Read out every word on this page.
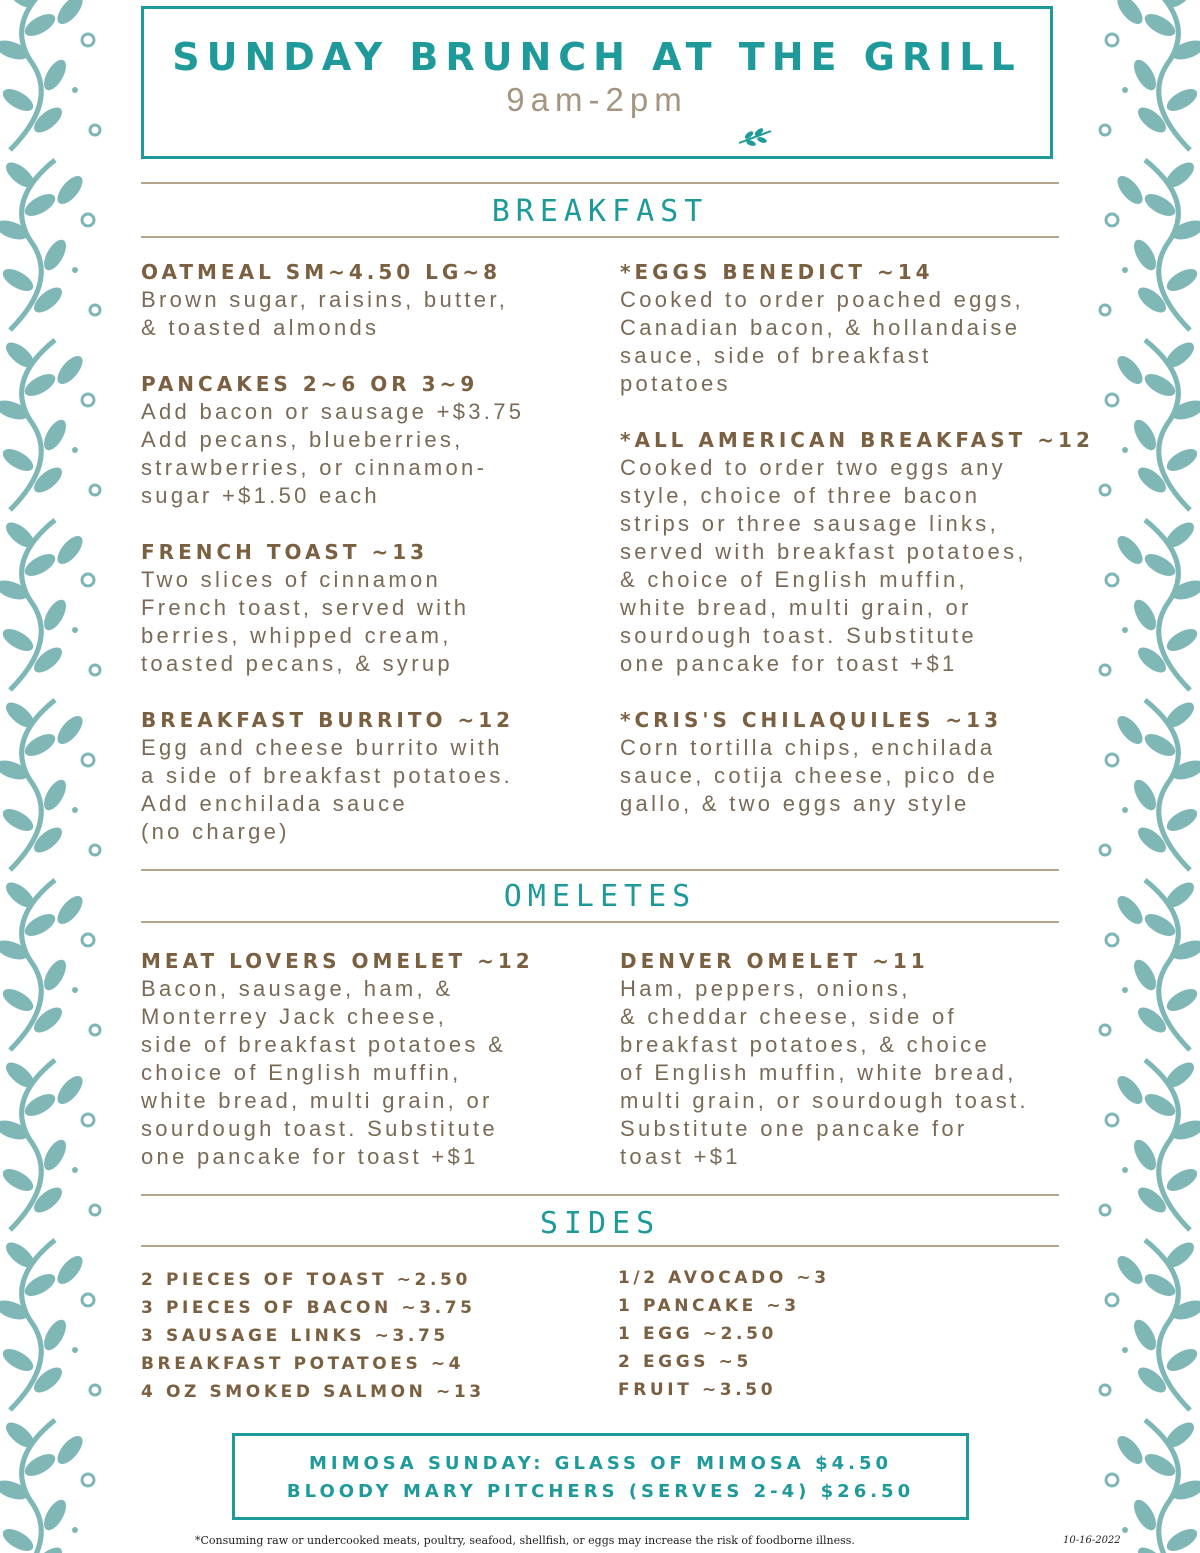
SUNDAY BRUNCH AT THE GRILL
9am-2pm
BREAKFAST
OATMEAL SM~4.50 LG~8
Brown sugar, raisins, butter,
& toasted almonds
PANCAKES 2~6 OR 3~9
Add bacon or sausage +$3.75
Add pecans, blueberries,
strawberries, or cinnamon-
sugar +$1.50 each
FRENCH TOAST ~13
Two slices of cinnamon
French toast, served with
berries, whipped cream,
toasted pecans, & syrup
BREAKFAST BURRITO ~12
Egg and cheese burrito with
a side of breakfast potatoes.
Add enchilada sauce
(no charge)
*EGGS BENEDICT ~14
Cooked to order poached eggs,
Canadian bacon, & hollandaise
sauce, side of breakfast
potatoes
*ALL AMERICAN BREAKFAST ~12
Cooked to order two eggs any
style, choice of three bacon
strips or three sausage links,
served with breakfast potatoes,
& choice of English muffin,
white bread, multi grain, or
sourdough toast. Substitute
one pancake for toast +$1
*CRIS'S CHILAQUILES ~13
Corn tortilla chips, enchilada
sauce, cotija cheese, pico de
gallo, & two eggs any style
OMELETES
MEAT LOVERS OMELET ~12
Bacon, sausage, ham, &
Monterrey Jack cheese,
side of breakfast potatoes &
choice of English muffin,
white bread, multi grain, or
sourdough toast. Substitute
one pancake for toast +$1
DENVER OMELET ~11
Ham, peppers, onions,
& cheddar cheese, side of
breakfast potatoes, & choice
of English muffin, white bread,
multi grain, or sourdough toast.
Substitute one pancake for
toast +$1
SIDES
2 PIECES OF TOAST ~2.50
3 PIECES OF BACON ~3.75
3 SAUSAGE LINKS ~3.75
BREAKFAST POTATOES ~4
4 OZ SMOKED SALMON ~13
1/2 AVOCADO ~3
1 PANCAKE ~3
1 EGG ~2.50
2 EGGS ~5
FRUIT ~3.50
MIMOSA SUNDAY: GLASS OF MIMOSA $4.50
BLOODY MARY PITCHERS (SERVES 2-4) $26.50
*Consuming raw or undercooked meats, poultry, seafood, shellfish, or eggs may increase the risk of foodborne illness.	10-16-2022
